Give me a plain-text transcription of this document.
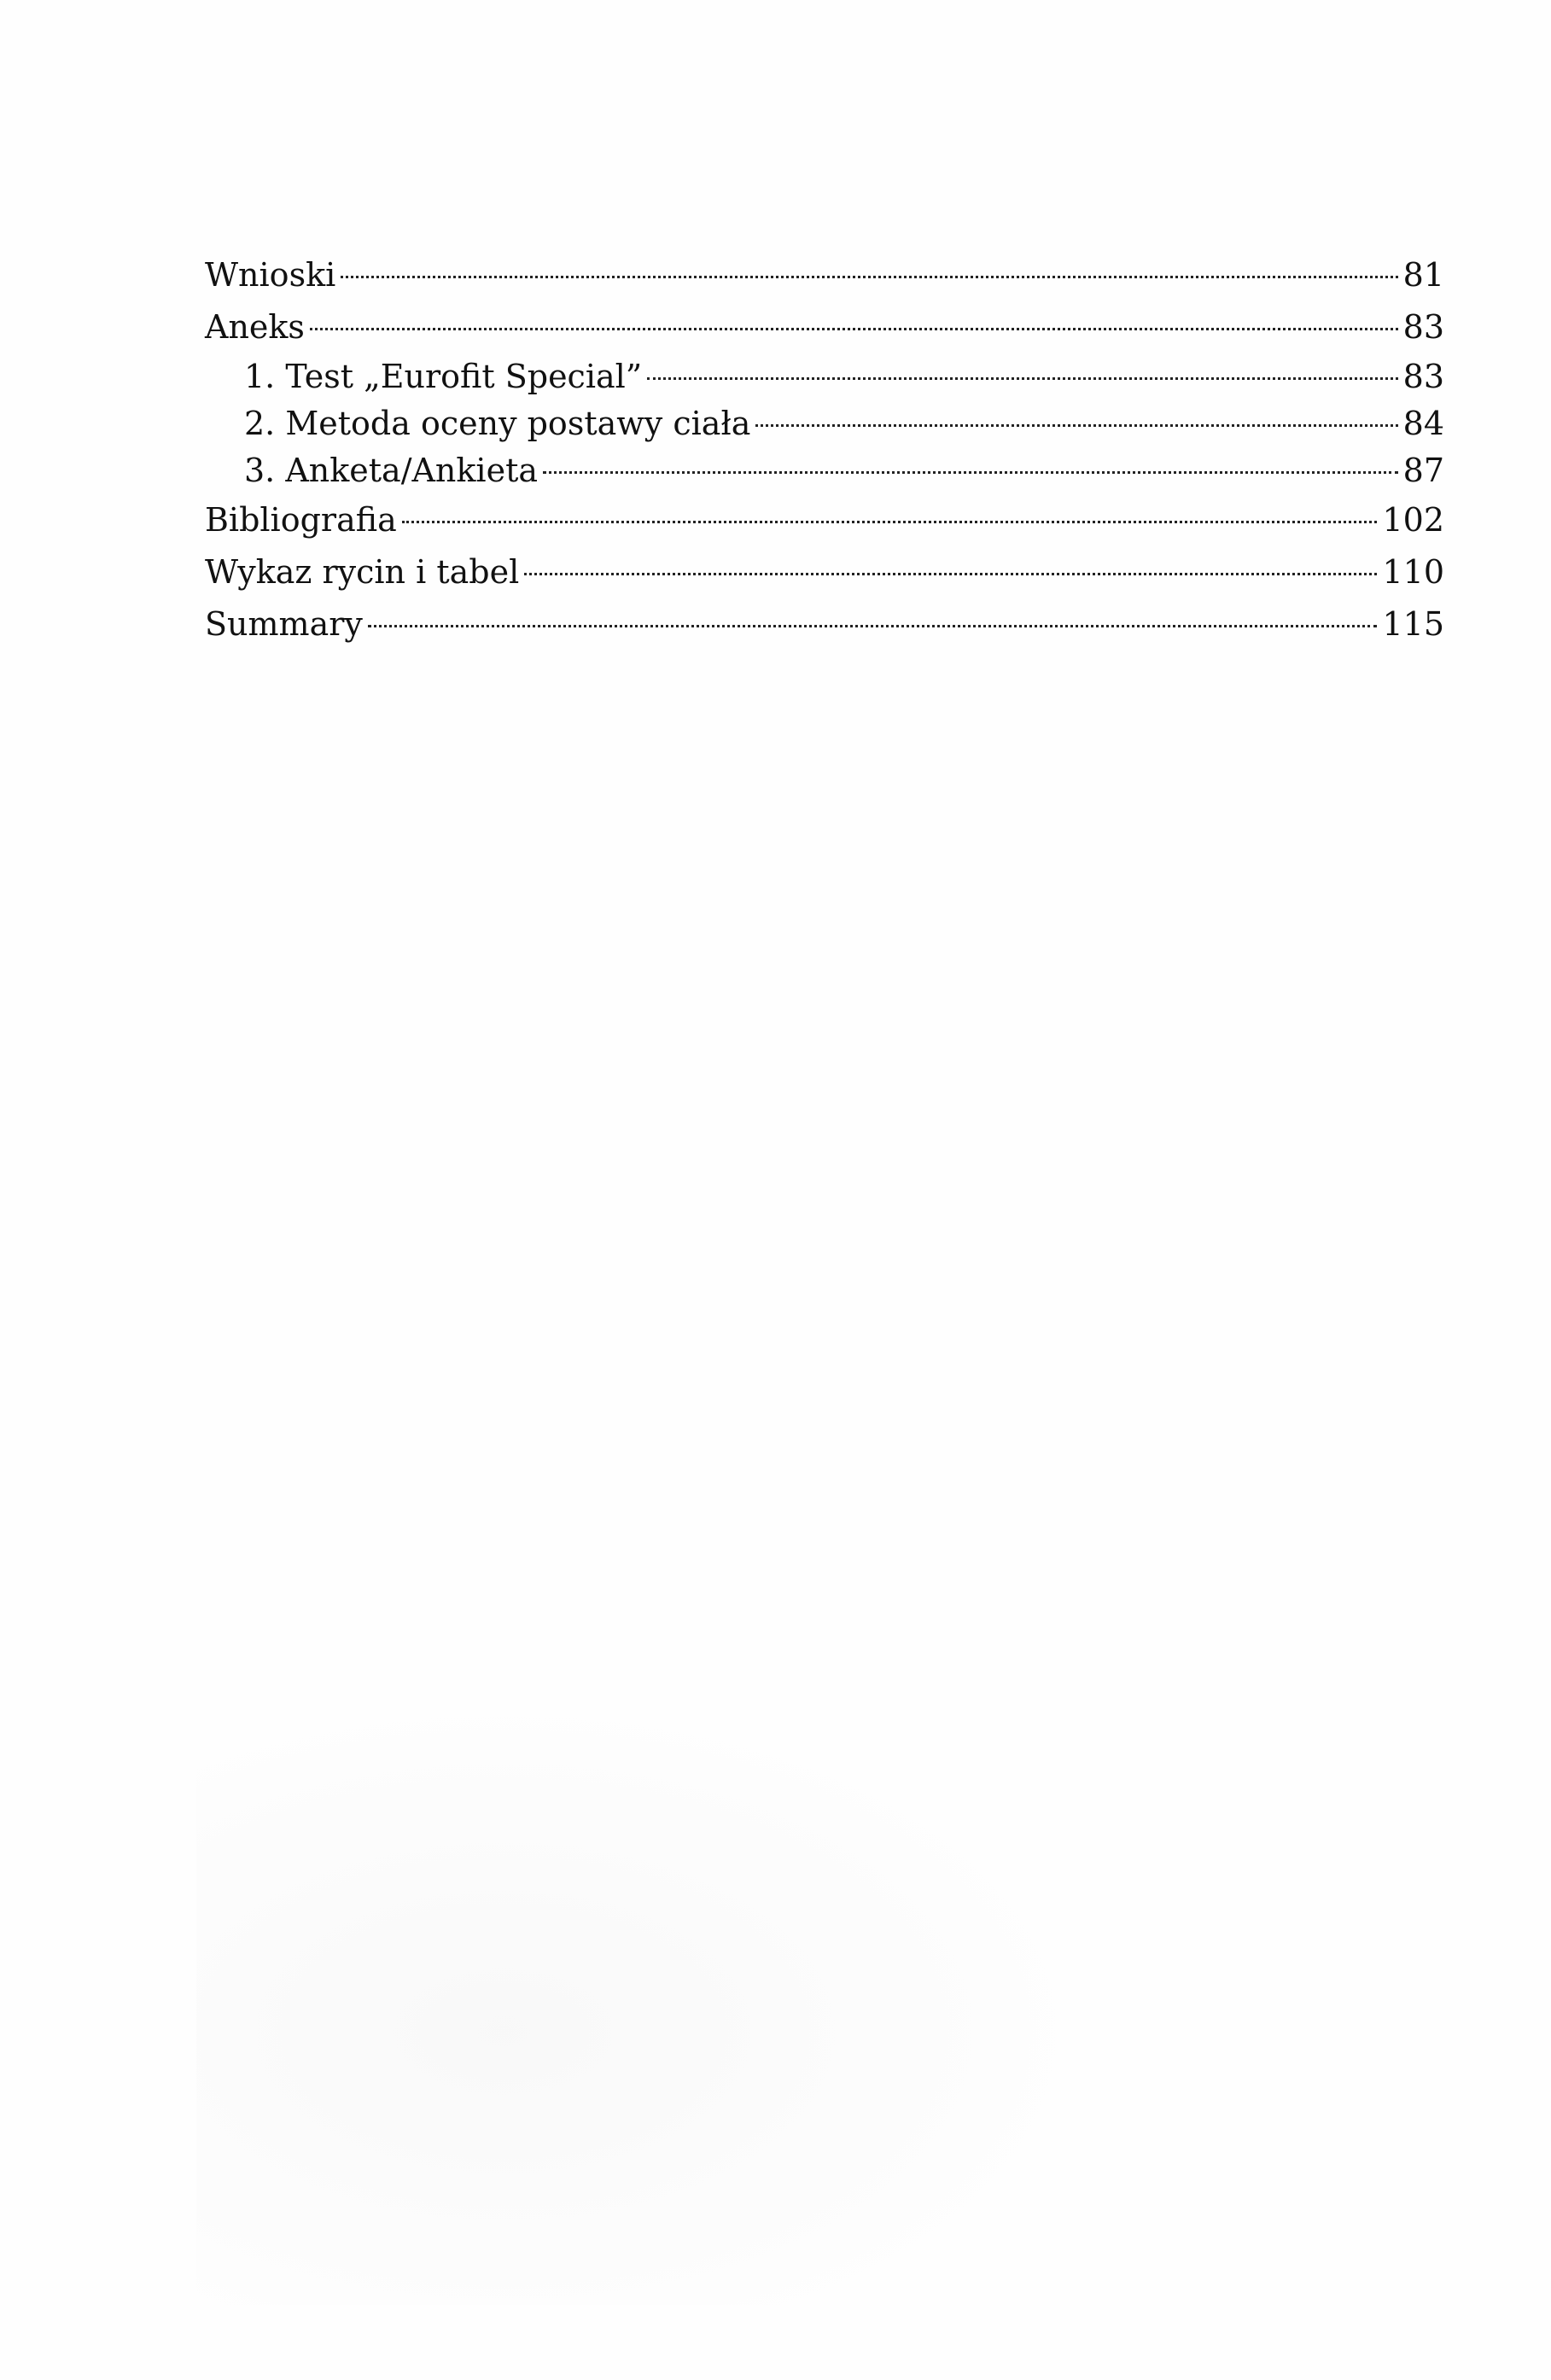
Wnioski	81
Aneks	83
1. Test „Eurofit Special”	83
2. Metoda oceny postawy ciała	84
3. Anketa/Ankieta	87
Bibliografia	102
Wykaz rycin i tabel	110
Summary	115
